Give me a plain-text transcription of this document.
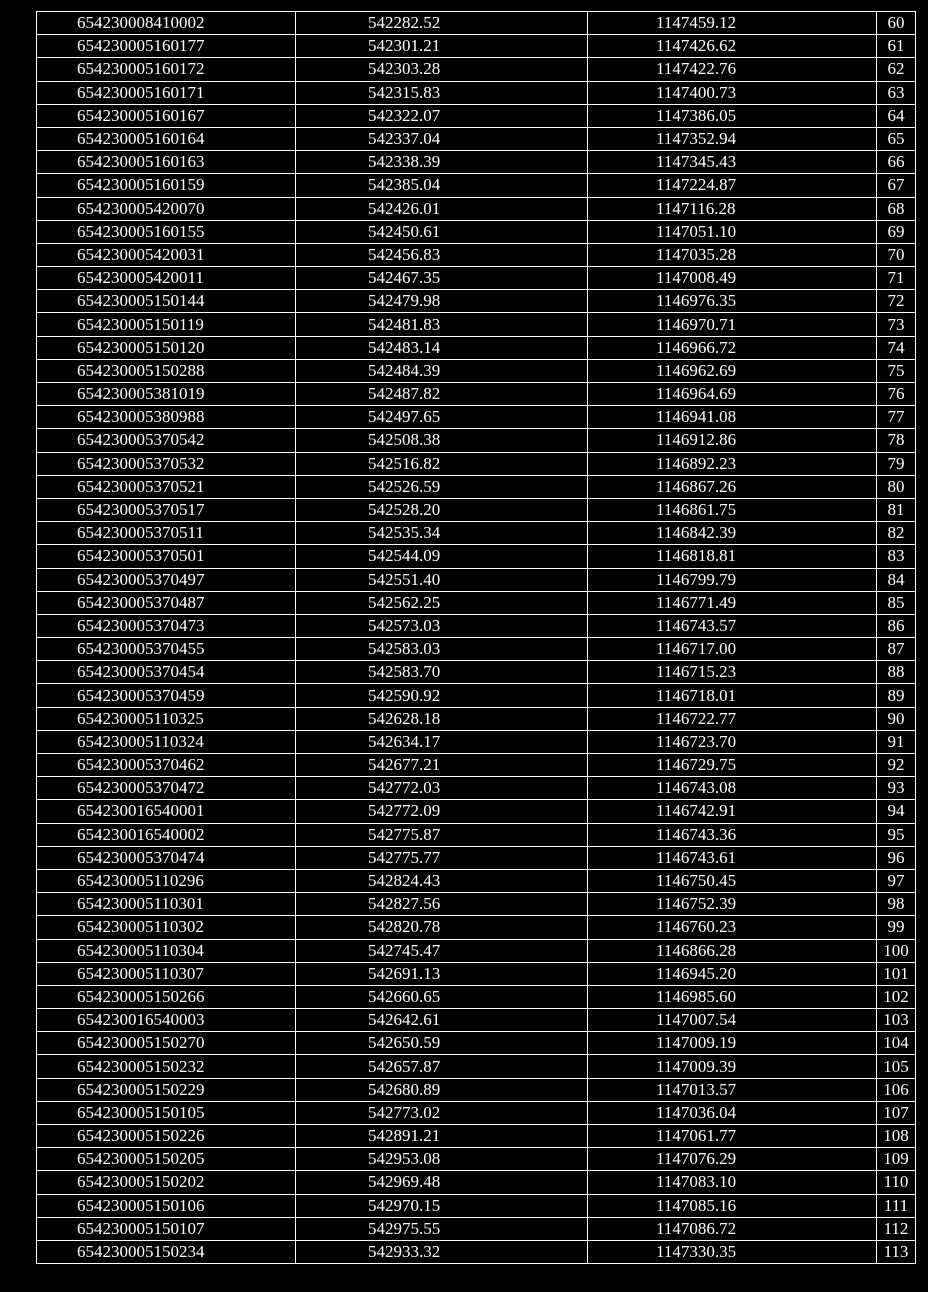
654230008410002	542282.52	1147459.12	60
654230005160177	542301.21	1147426.62	61
654230005160172	542303.28	1147422.76	62
654230005160171	542315.83	1147400.73	63
654230005160167	542322.07	1147386.05	64
654230005160164	542337.04	1147352.94	65
654230005160163	542338.39	1147345.43	66
654230005160159	542385.04	1147224.87	67
654230005420070	542426.01	1147116.28	68
654230005160155	542450.61	1147051.10	69
654230005420031	542456.83	1147035.28	70
654230005420011	542467.35	1147008.49	71
654230005150144	542479.98	1146976.35	72
654230005150119	542481.83	1146970.71	73
654230005150120	542483.14	1146966.72	74
654230005150288	542484.39	1146962.69	75
654230005381019	542487.82	1146964.69	76
654230005380988	542497.65	1146941.08	77
654230005370542	542508.38	1146912.86	78
654230005370532	542516.82	1146892.23	79
654230005370521	542526.59	1146867.26	80
654230005370517	542528.20	1146861.75	81
654230005370511	542535.34	1146842.39	82
654230005370501	542544.09	1146818.81	83
654230005370497	542551.40	1146799.79	84
654230005370487	542562.25	1146771.49	85
654230005370473	542573.03	1146743.57	86
654230005370455	542583.03	1146717.00	87
654230005370454	542583.70	1146715.23	88
654230005370459	542590.92	1146718.01	89
654230005110325	542628.18	1146722.77	90
654230005110324	542634.17	1146723.70	91
654230005370462	542677.21	1146729.75	92
654230005370472	542772.03	1146743.08	93
654230016540001	542772.09	1146742.91	94
654230016540002	542775.87	1146743.36	95
654230005370474	542775.77	1146743.61	96
654230005110296	542824.43	1146750.45	97
654230005110301	542827.56	1146752.39	98
654230005110302	542820.78	1146760.23	99
654230005110304	542745.47	1146866.28	100
654230005110307	542691.13	1146945.20	101
654230005150266	542660.65	1146985.60	102
654230016540003	542642.61	1147007.54	103
654230005150270	542650.59	1147009.19	104
654230005150232	542657.87	1147009.39	105
654230005150229	542680.89	1147013.57	106
654230005150105	542773.02	1147036.04	107
654230005150226	542891.21	1147061.77	108
654230005150205	542953.08	1147076.29	109
654230005150202	542969.48	1147083.10	110
654230005150106	542970.15	1147085.16	111
654230005150107	542975.55	1147086.72	112
654230005150234	542933.32	1147330.35	113
